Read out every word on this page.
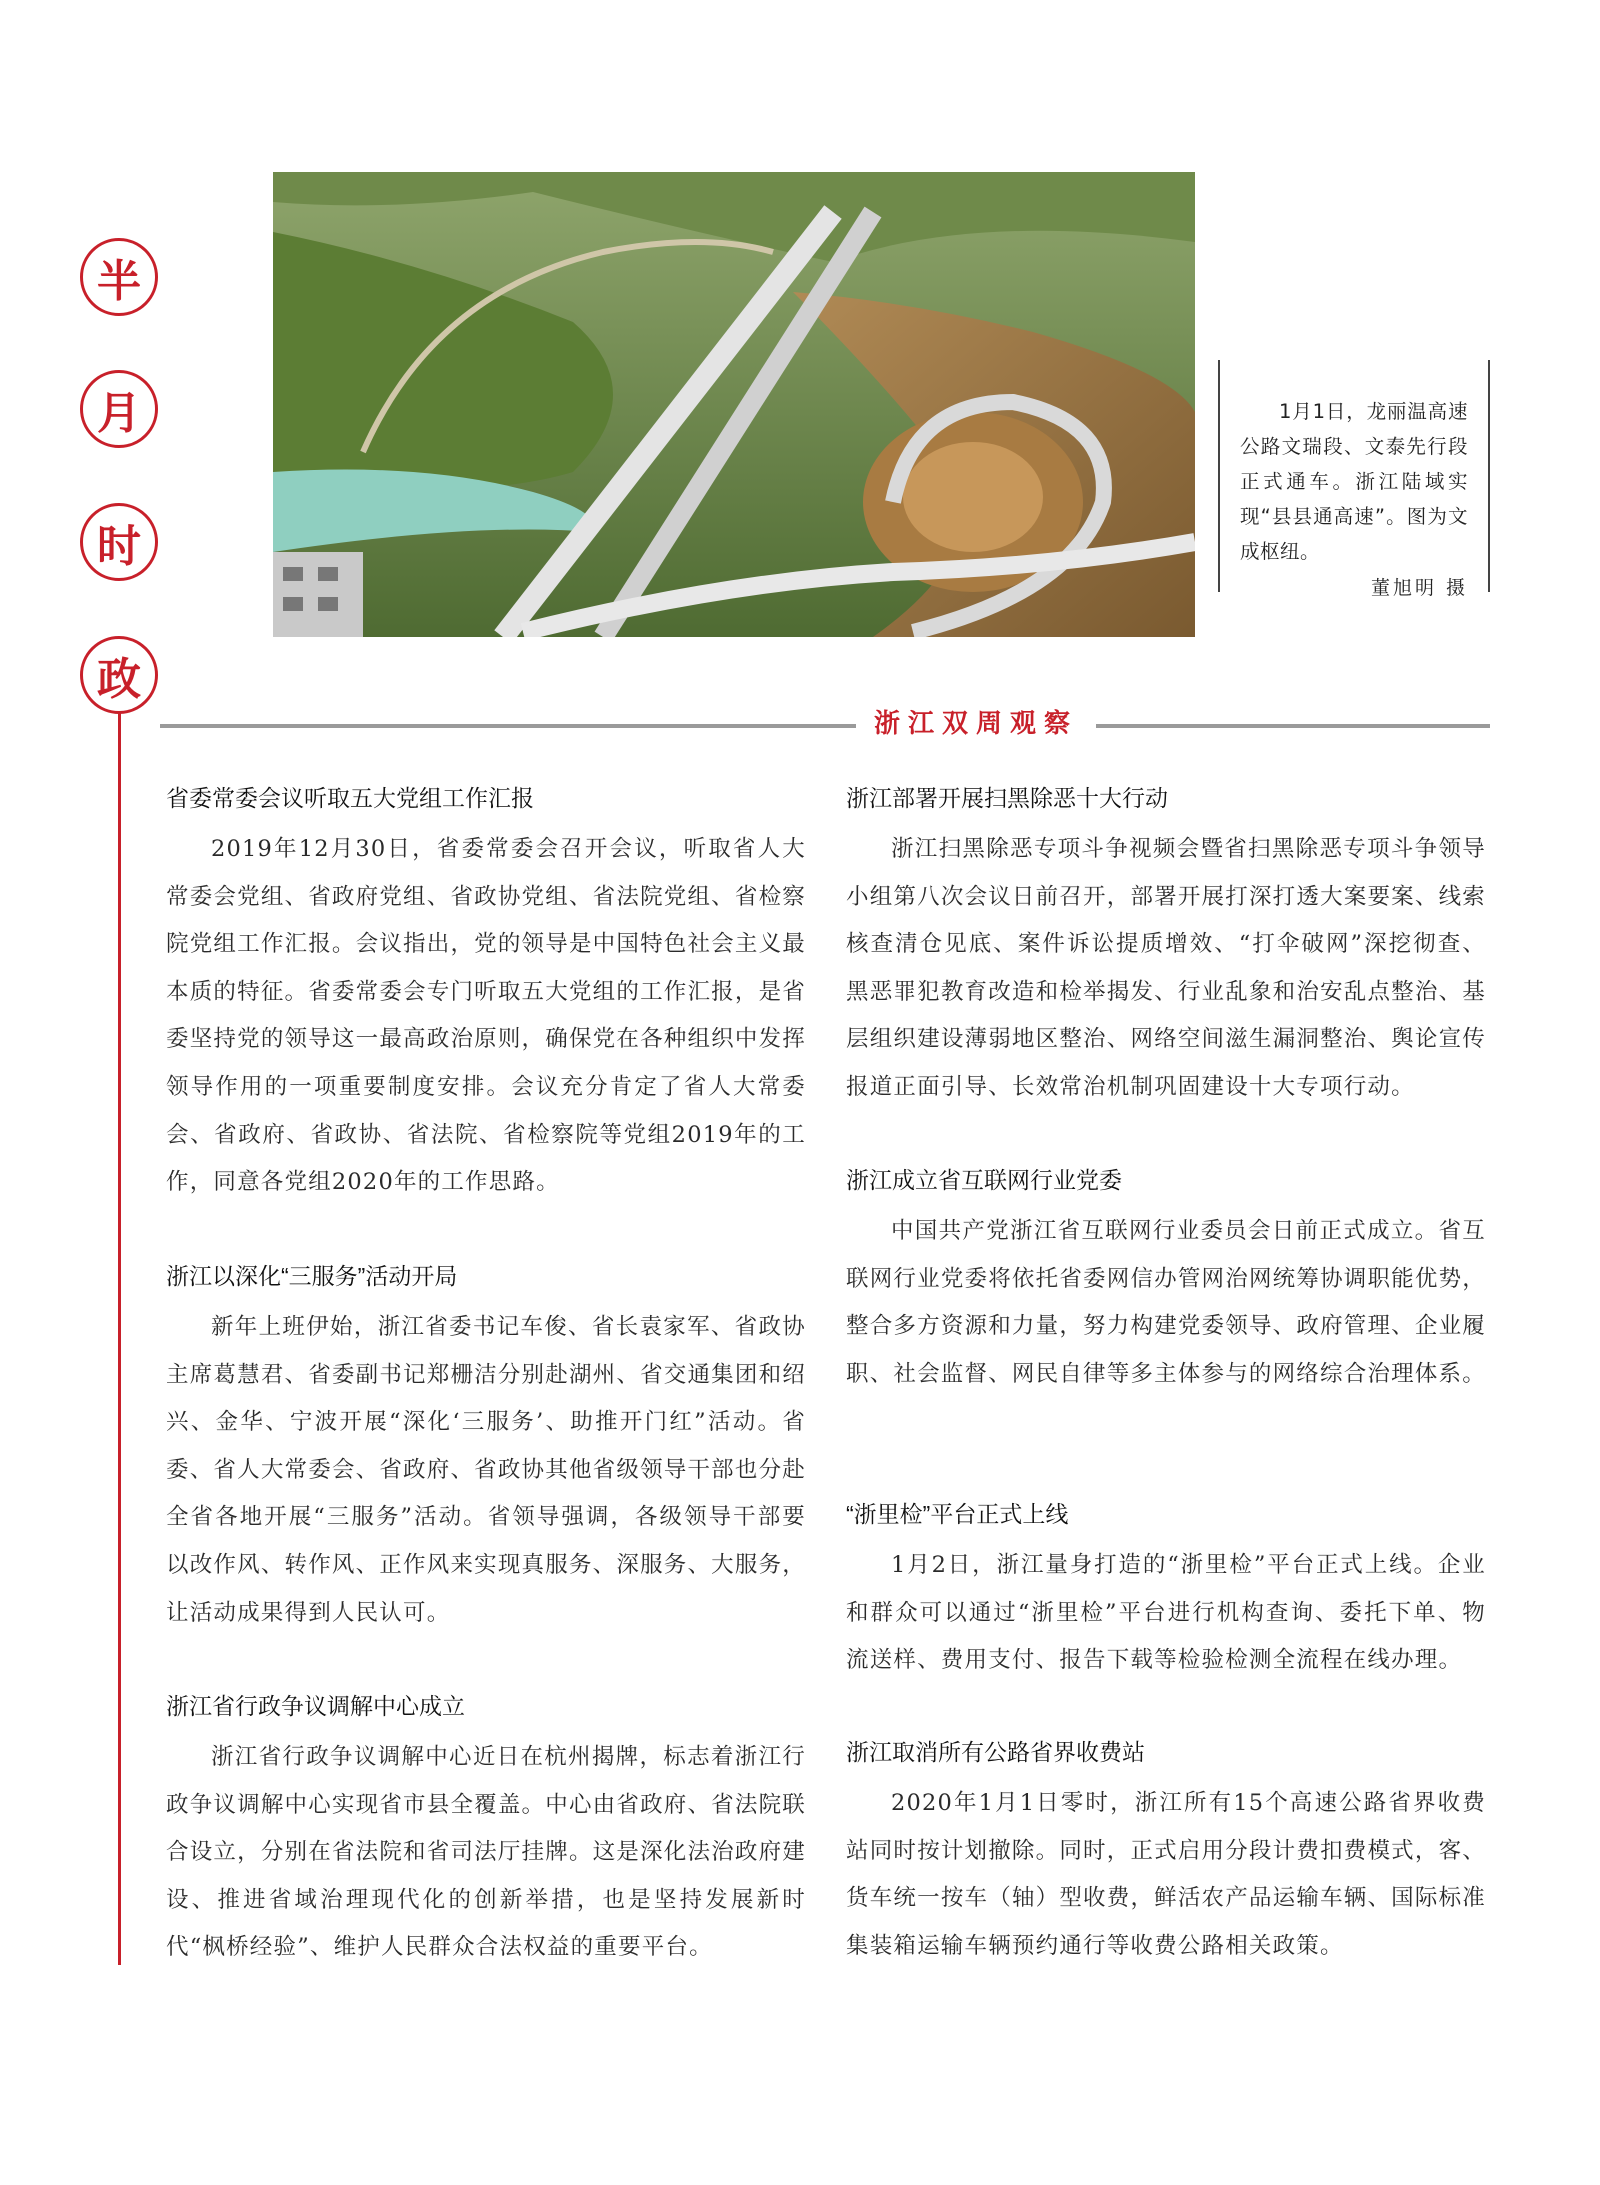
半
月
时
政

1月1日，龙丽温高速公路文瑞段、文泰先行段正式通车。浙江陆域实现“县县通高速”。图为文成枢纽。

董旭明 摄

浙江双周观察
省委常委会议听取五大党组工作汇报

2019年12月30日，省委常委会召开会议，听取省人大常委会党组、省政府党组、省政协党组、省法院党组、省检察院党组工作汇报。会议指出，党的领导是中国特色社会主义最本质的特征。省委常委会专门听取五大党组的工作汇报，是省委坚持党的领导这一最高政治原则，确保党在各种组织中发挥领导作用的一项重要制度安排。会议充分肯定了省人大常委会、省政府、省政协、省法院、省检察院等党组2019年的工作，同意各党组2020年的工作思路。

浙江以深化“三服务”活动开局

新年上班伊始，浙江省委书记车俊、省长袁家军、省政协主席葛慧君、省委副书记郑栅洁分别赴湖州、省交通集团和绍兴、金华、宁波开展“深化‘三服务’、助推开门红”活动。省委、省人大常委会、省政府、省政协其他省级领导干部也分赴全省各地开展“三服务”活动。省领导强调，各级领导干部要以改作风、转作风、正作风来实现真服务、深服务、大服务，让活动成果得到人民认可。

浙江省行政争议调解中心成立

浙江省行政争议调解中心近日在杭州揭牌，标志着浙江行政争议调解中心实现省市县全覆盖。中心由省政府、省法院联合设立，分别在省法院和省司法厅挂牌。这是深化法治政府建设、推进省域治理现代化的创新举措，也是坚持发展新时代“枫桥经验”、维护人民群众合法权益的重要平台。

浙江部署开展扫黑除恶十大行动

浙江扫黑除恶专项斗争视频会暨省扫黑除恶专项斗争领导小组第八次会议日前召开，部署开展打深打透大案要案、线索核查清仓见底、案件诉讼提质增效、“打伞破网”深挖彻查、黑恶罪犯教育改造和检举揭发、行业乱象和治安乱点整治、基层组织建设薄弱地区整治、网络空间滋生漏洞整治、舆论宣传报道正面引导、长效常治机制巩固建设十大专项行动。

浙江成立省互联网行业党委

中国共产党浙江省互联网行业委员会日前正式成立。省互联网行业党委将依托省委网信办管网治网统筹协调职能优势，整合多方资源和力量，努力构建党委领导、政府管理、企业履职、社会监督、网民自律等多主体参与的网络综合治理体系。

“浙里检”平台正式上线

1月2日，浙江量身打造的“浙里检”平台正式上线。企业和群众可以通过“浙里检”平台进行机构查询、委托下单、物流送样、费用支付、报告下载等检验检测全流程在线办理。

浙江取消所有公路省界收费站

2020年1月1日零时，浙江所有15个高速公路省界收费站同时按计划撤除。同时，正式启用分段计费扣费模式，客、货车统一按车（轴）型收费，鲜活农产品运输车辆、国际标准集装箱运输车辆预约通行等收费公路相关政策。
